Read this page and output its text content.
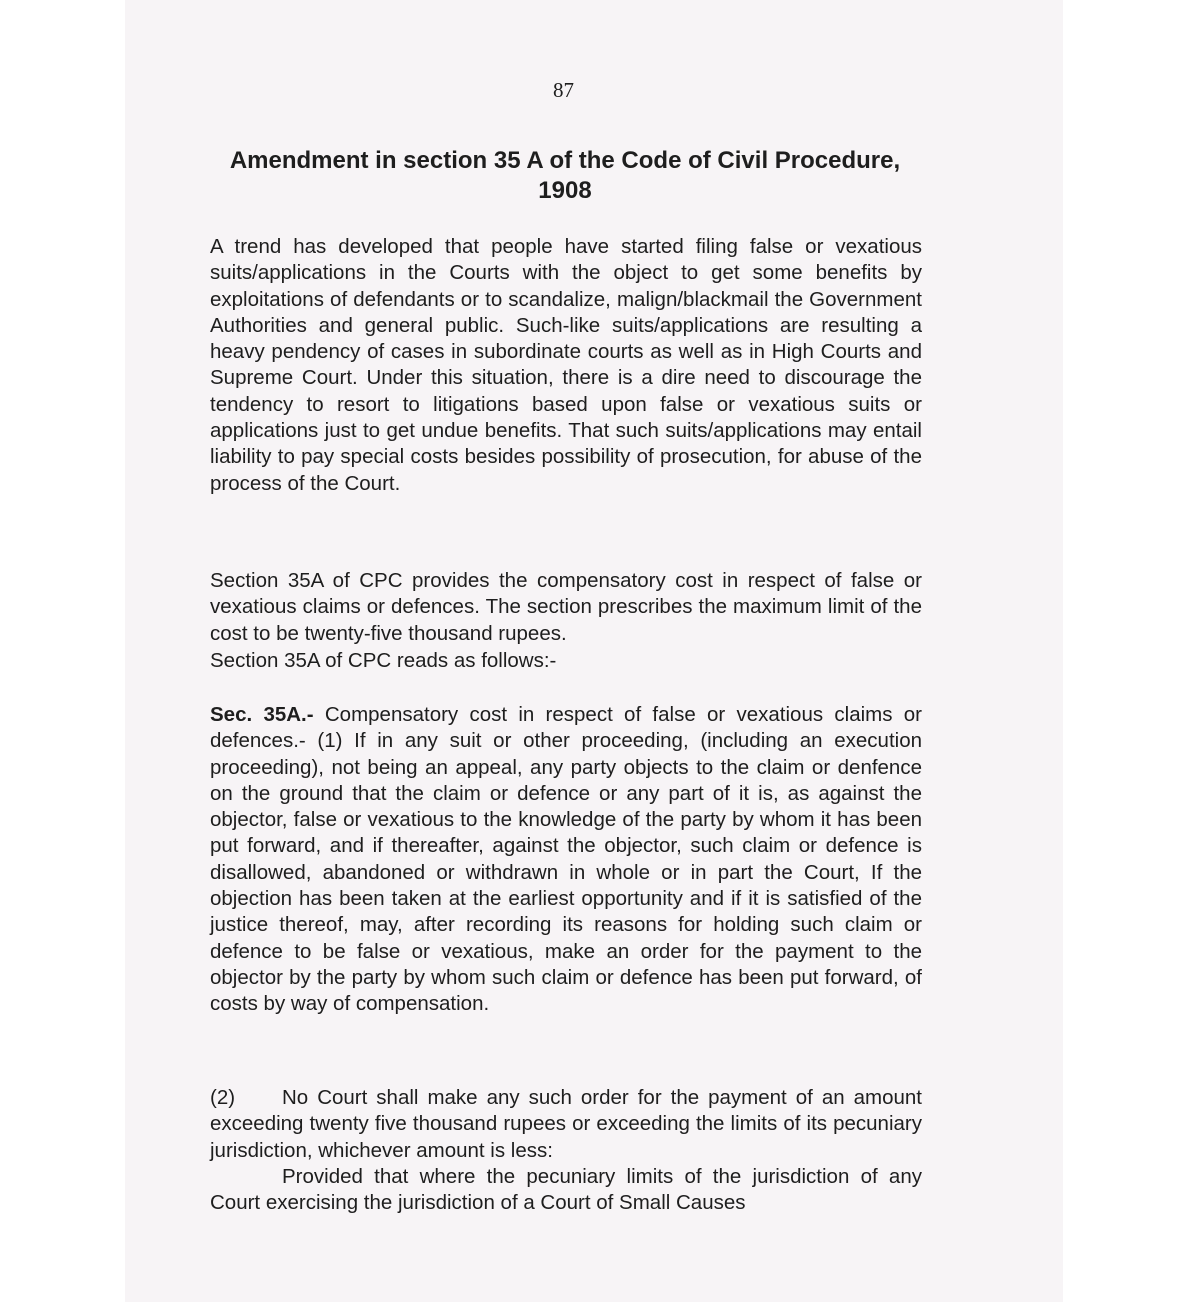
87
Amendment in section 35 A of the Code of Civil Procedure, 1908
A trend has developed that people have started filing false or vexatious suits/applications in the Courts with the object to get some benefits by exploitations of defendants or to scandalize, malign/blackmail the Government Authorities and general public. Such-like suits/applications are resulting a heavy pendency of cases in subordinate courts as well as in High Courts and Supreme Court. Under this situation, there is a dire need to discourage the tendency to resort to litigations based upon false or vexatious suits or applications just to get undue benefits. That such suits/applications may entail liability to pay special costs besides possibility of prosecution, for abuse of the process of the Court.
Section 35A of CPC provides the compensatory cost in respect of false or vexatious claims or defences. The section prescribes the maximum limit of the cost to be twenty-five thousand rupees.
Section 35A of CPC reads as follows:-
Sec. 35A.- Compensatory cost in respect of false or vexatious claims or defences.- (1) If in any suit or other proceeding, (including an execution proceeding), not being an appeal, any party objects to the claim or denfence on the ground that the claim or defence or any part of it is, as against the objector, false or vexatious to the knowledge of the party by whom it has been put forward, and if thereafter, against the objector, such claim or defence is disallowed, abandoned or withdrawn in whole or in part the Court, If the objection has been taken at the earliest opportunity and if it is satisfied of the justice thereof, may, after recording its reasons for holding such claim or defence to be false or vexatious, make an order for the payment to the objector by the party by whom such claim or defence has been put forward, of costs by way of compensation.
(2) No Court shall make any such order for the payment of an amount exceeding twenty five thousand rupees or exceeding the limits of its pecuniary jurisdiction, whichever amount is less:
Provided that where the pecuniary limits of the jurisdiction of any Court exercising the jurisdiction of a Court of Small Causes
